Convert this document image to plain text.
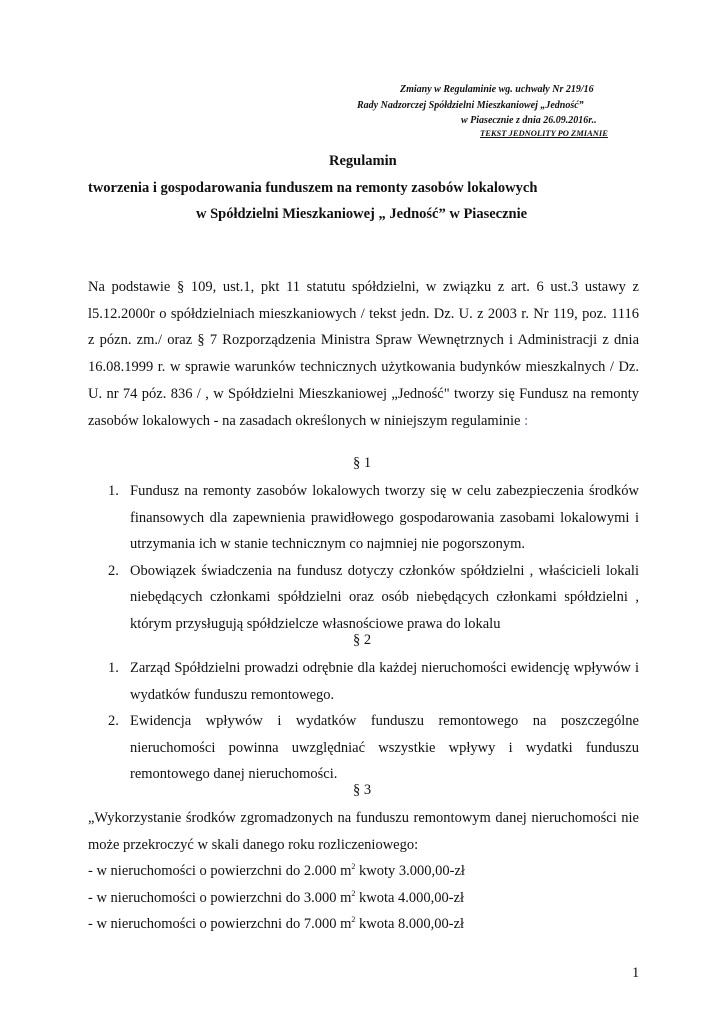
Zmiany w Regulaminie wg. uchwały Nr 219/16
Rady Nadzorczej Spółdzielni Mieszkaniowej „Jedność”
w Piasecznie z dnia 26.09.2016r..
TEKST JEDNOLITY PO ZMIANIE
Regulamin
tworzenia i gospodarowania funduszem na remonty zasobów lokalowych
w Spółdzielni Mieszkaniowej „ Jedność” w Piasecznie

Na podstawie § 109, ust.1, pkt 11 statutu spółdzielni, w związku z art. 6 ust.3 ustawy z

l5.12.2000r o spółdzielniach mieszkaniowych / tekst jedn. Dz. U. z 2003 r. Nr 119, poz. 1116

z pózn. zm./ oraz § 7 Rozporządzenia Ministra Spraw Wewnętrznych i Administracji z dnia

16.08.1999 r. w sprawie warunków technicznych użytkowania budynków mieszkalnych / Dz.

U. nr 74 póz. 836 / , w Spółdzielni Mieszkaniowej „Jedność" tworzy się Fundusz na remonty

zasobów lokalowych - na zasadach określonych w niniejszym regulaminie :

§ 1
1. Fundusz na remonty zasobów lokalowych tworzy się w celu zabezpieczenia środków

finansowych dla zapewnienia prawidłowego gospodarowania zasobami lokalowymi i

utrzymania ich w stanie technicznym co najmniej nie pogorszonym.

2. Obowiązek świadczenia na fundusz dotyczy członków spółdzielni , właścicieli lokali

niebędących członkami spółdzielni oraz osób niebędących członkami spółdzielni ,

którym przysługują spółdzielcze własnościowe prawa do lokalu

§ 2
1. Zarząd Spółdzielni prowadzi odrębnie dla każdej nieruchomości ewidencję wpływów i

wydatków funduszu remontowego.

2. Ewidencja wpływów i wydatków funduszu remontowego na poszczególne

nieruchomości powinna uwzględniać wszystkie wpływy i wydatki funduszu

remontowego danej nieruchomości.

§ 3

„Wykorzystanie środków zgromadzonych na funduszu remontowym danej nieruchomości nie

może przekroczyć w skali danego roku rozliczeniowego:

- w nieruchomości o powierzchni do 2.000 $m^2$ kwoty 3.000,00-zł

- w nieruchomości o powierzchni do 3.000 $m^2$ kwota 4.000,00-zł

- w nieruchomości o powierzchni do 7.000 $m^2$ kwota 8.000,00-zł

1
